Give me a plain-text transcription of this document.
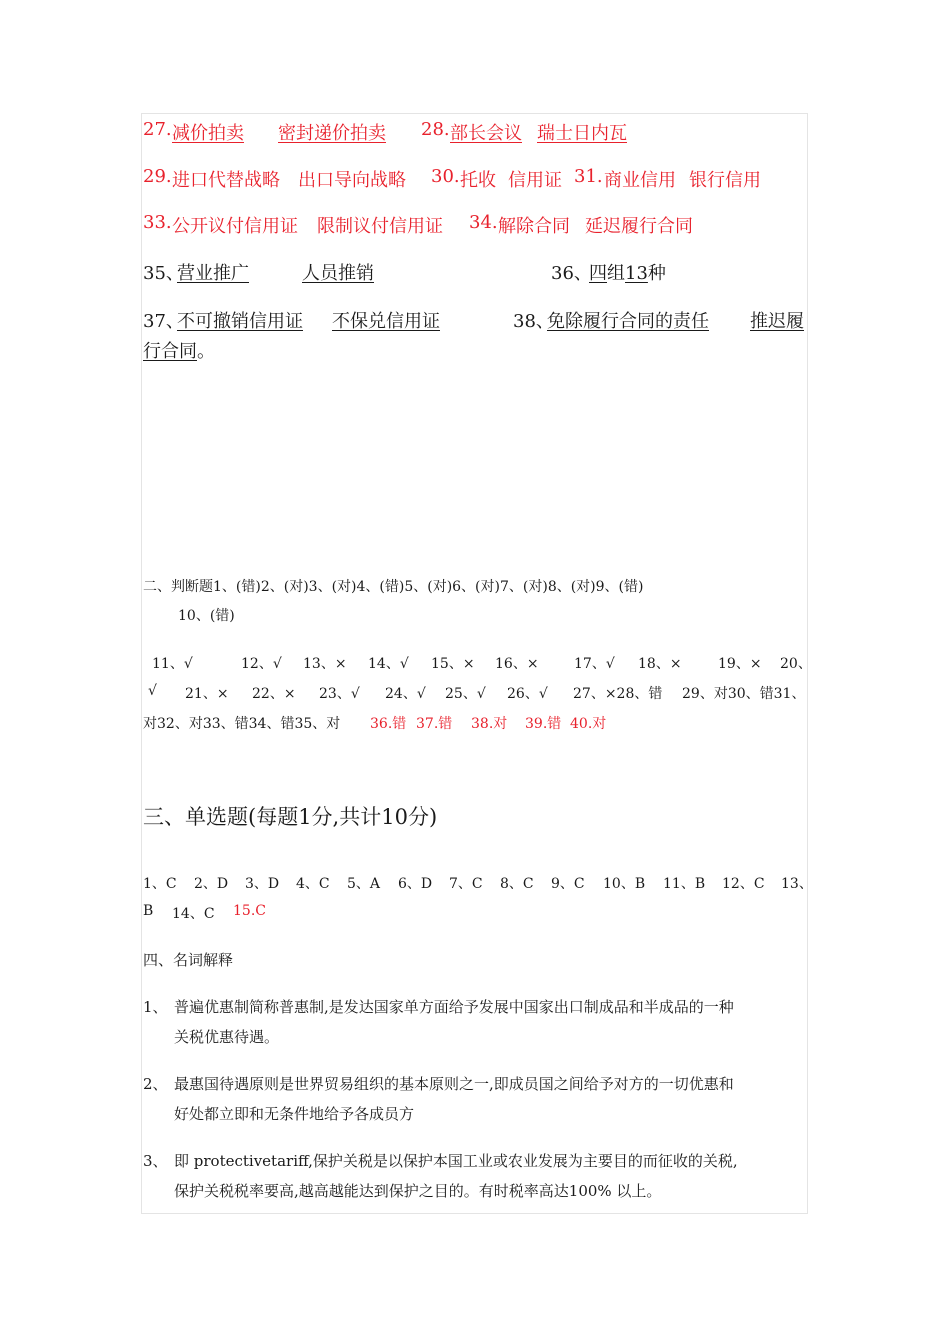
27. 减价拍卖 密封递价拍卖 28. 部长会议 瑞士日内瓦
29. 进口代替战略 出口导向战略 30. 托收 信用证 31. 商业信用 银行信用
33. 公开议付信用证 限制议付信用证 34. 解除合同 延迟履行合同
35、
营业推广	人员推销	36、
四组13种
37、
不可撤销信用证 不保兑信用证	38、
免除履行合同的责任 推迟履
行合同。
二、判断题1、(错)2、(对)3、(对)4、(错)5、(对)6、(对)7、(对)8、(对)9、(错)
10、(错)
11、√	12、√ 13、× 14、√ 15、× 16、×	17、√ 18、×	19、× 20、
√ 21、× 22、× 23、√ 24、√ 25、√ 26、√ 27、×28、错 29、对30、错31、
对32、对33、错34、错35、对 36.错 37.错 38.对 39.错 40.对
三、单选题(每题1分,共计10分)
1、C 2、D 3、D 4、C 5、A 6、D 7、C 8、C 9、C 10、B 11、B 12、C 13、
B 14、C 15.C
四、名词解释
1、 普遍优惠制简称普惠制,是发达国家单方面给予发展中国家出口制成品和半成品的一种
关税优惠待遇。
2、 最惠国待遇原则是世界贸易组织的基本原则之一,即成员国之间给予对方的一切优惠和
好处都立即和无条件地给予各成员方
3、 即 protectivetariff,保护关税是以保护本国工业或农业发展为主要目的而征收的关税,
保护关税税率要高,越高越能达到保护之目的。有时税率高达100% 以上。
